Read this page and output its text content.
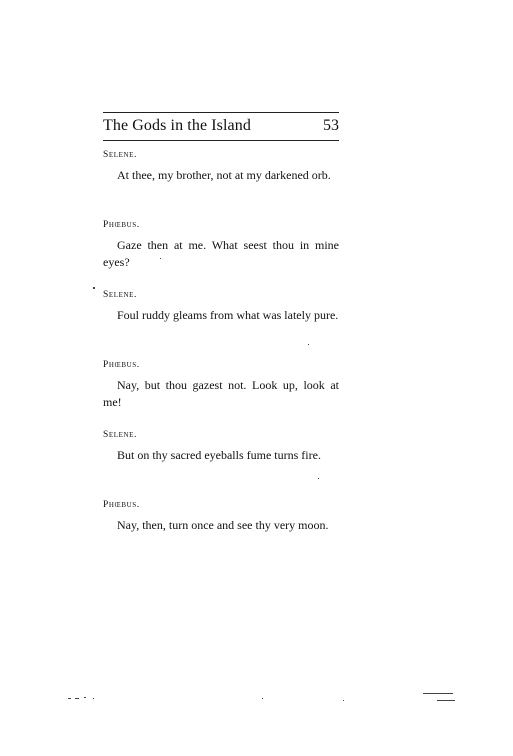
The Gods in the Island	53

Selene.

At thee, my brother, not at my darkened orb.

Phœbus.

Gaze then at me. What seest thou in mine eyes?

Selene.

Foul ruddy gleams from what was lately pure.

Phœbus.

Nay, but thou gazest not. Look up, look at me!

Selene.

But on thy sacred eyeballs fume turns fire.

Phœbus.

Nay, then, turn once and see thy very moon.
